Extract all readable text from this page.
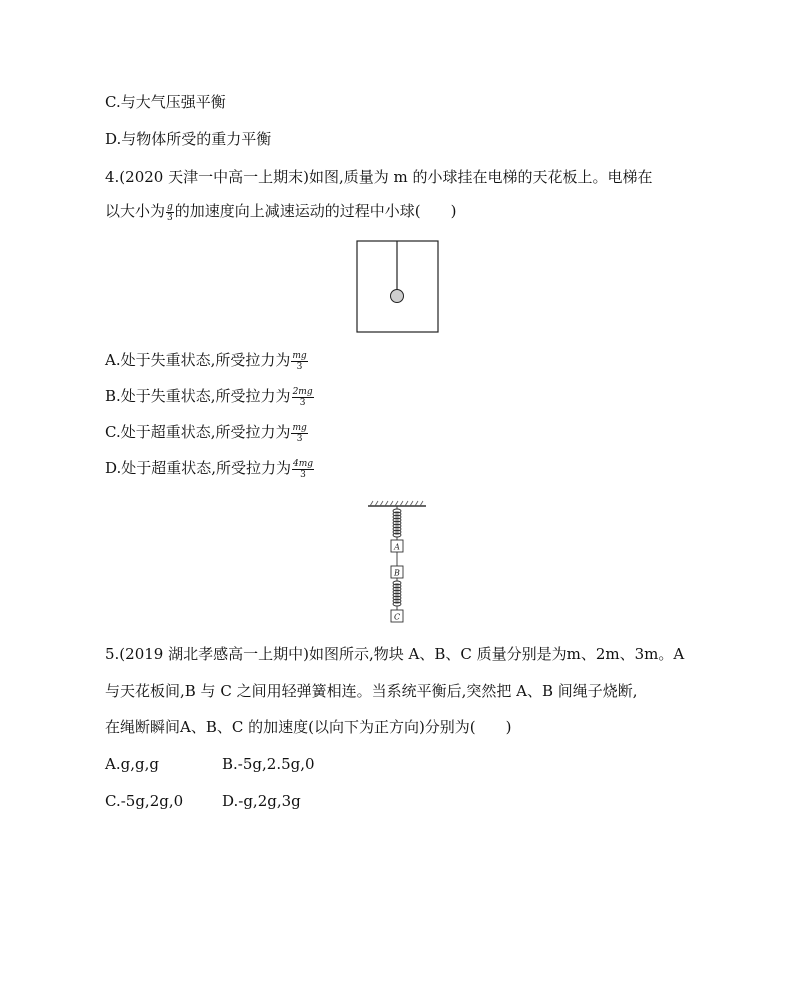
C.与大气压强平衡
D.与物体所受的重力平衡
4.(2020 天津一中高一上期末)如图,质量为 m 的小球挂在电梯的天花板上。电梯在
以大小为 $\frac{g}{3}$ 的加速度向上减速运动的过程中小球(　　)
A.处于失重状态,所受拉力为 $\frac{mg}{3}$
B.处于失重状态,所受拉力为 $\frac{2mg}{3}$
C.处于超重状态,所受拉力为 $\frac{mg}{3}$
D.处于超重状态,所受拉力为 $\frac{4mg}{3}$
A
B
C
5.(2019 湖北孝感高一上期中)如图所示,物块 A、B、C 质量分别是为m、2m、3m。A
与天花板间,B 与 C 之间用轻弹簧相连。当系统平衡后,突然把 A、B 间绳子烧断,
在绳断瞬间A、B、C 的加速度(以向下为正方向)分别为(　　)
A.g,g,g	B.-5g,2.5g,0
C.-5g,2g,0	D.-g,2g,3g
